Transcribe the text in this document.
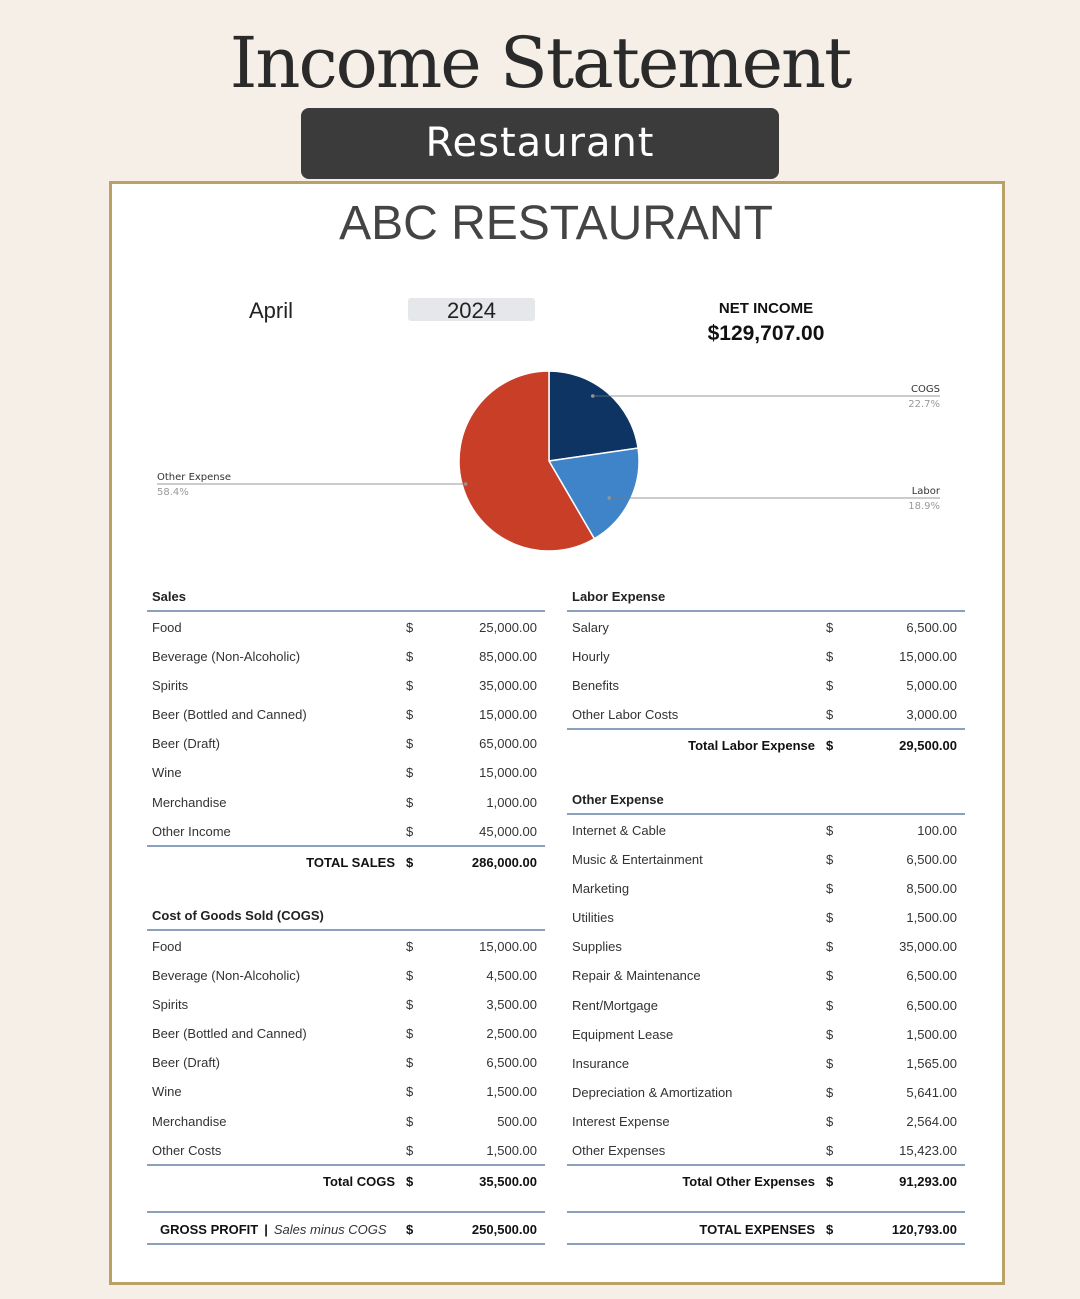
Income Statement
Restaurant
ABC RESTAURANT
April	2024	NET INCOME
$129,707.00
COGS
22.7%
Labor
18.9%
Other Expense
58.4%
Sales
Food	$	25,000.00
Beverage (Non-Alcoholic)	$	85,000.00
Spirits	$	35,000.00
Beer (Bottled and Canned)	$	15,000.00
Beer (Draft)	$	65,000.00
Wine	$	15,000.00
Merchandise	$	1,000.00
Other Income	$	45,000.00
TOTAL SALES $	286,000.00
Cost of Goods Sold (COGS)
Food	$	15,000.00
Beverage (Non-Alcoholic)	$	4,500.00
Spirits	$	3,500.00
Beer (Bottled and Canned)	$	2,500.00
Beer (Draft)	$	6,500.00
Wine	$	1,500.00
Merchandise	$	500.00
Other Costs	$	1,500.00
Total COGS $	35,500.00
GROSS PROFIT | Sales minus COGS $	250,500.00
Labor Expense
Salary	$	6,500.00
Hourly	$	15,000.00
Benefits	$	5,000.00
Other Labor Costs	$	3,000.00
Total Labor Expense $	29,500.00
Other Expense
Internet & Cable	$	100.00
Music & Entertainment	$	6,500.00
Marketing	$	8,500.00
Utilities	$	1,500.00
Supplies	$	35,000.00
Repair & Maintenance	$	6,500.00
Rent/Mortgage	$	6,500.00
Equipment Lease	$	1,500.00
Insurance	$	1,565.00
Depreciation & Amortization	$	5,641.00
Interest Expense	$	2,564.00
Other Expenses	$	15,423.00
Total Other Expenses $	91,293.00
TOTAL EXPENSES $	120,793.00
